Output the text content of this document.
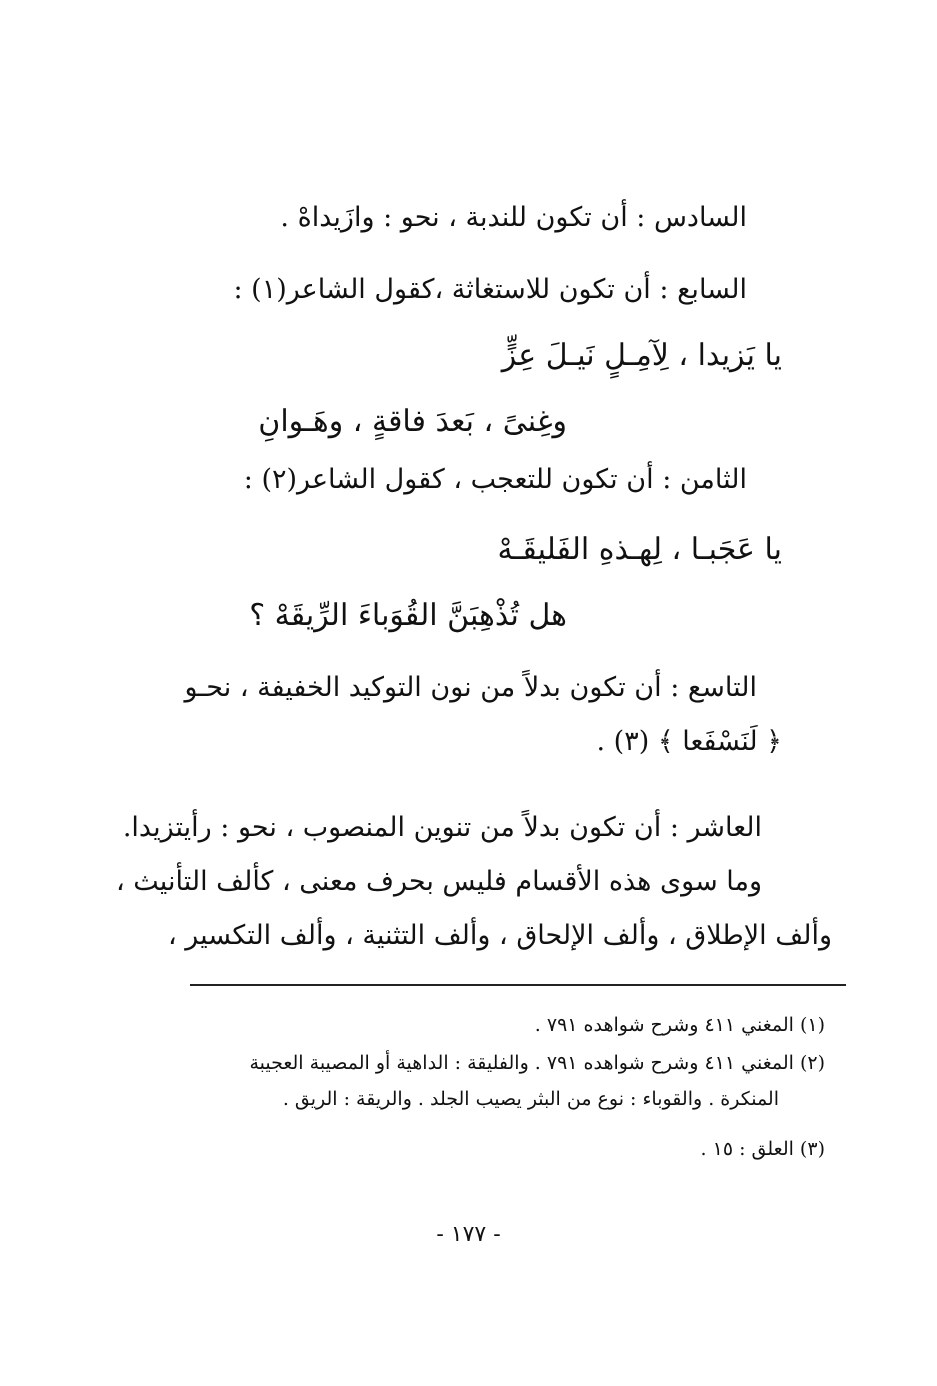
السادس : أن تكون للندبة ، نحو : وازَيداهْ .
السابع : أن تكون للاستغاثة ،كقول الشاعر(١) :
يا يَزيدا ، لِآمِـلٍ نَيـلَ عِزٍّ
وغِنىً ، بَعدَ فاقةٍ ، وهَـوانِ
الثامن : أن تكون للتعجب ، كقول الشاعر(٢) :
يا عَجَبـا ، لِهـذهِ الفَليقَـهْ
هل تُذْهِبَنَّ القُوَباءَ الرِّيقَهْ ؟
التاسع : أن تكون بدلاً من نون التوكيد الخفيفة ، نحـو
﴿ لَنَسْفَعا ﴾ (٣) .
العاشر : أن تكون بدلاً من تنوين المنصوب ، نحو : رأيتزيدا.
وما سوى هذه الأقسام فليس بحرف معنى ، كألف التأنيث ،
وألف الإطلاق ، وألف الإلحاق ، وألف التثنية ، وألف التكسير ،
(١) المغني ٤١١ وشرح شواهده ٧٩١ .
(٢) المغني ٤١١ وشرح شواهده ٧٩١ . والفليقة : الداهية أو المصيبة العجيبة
المنكرة . والقوباء : نوع من البثر يصيب الجلد . والريقة : الريق .
(٣) العلق : ١٥ .
- ١٧٧ -
